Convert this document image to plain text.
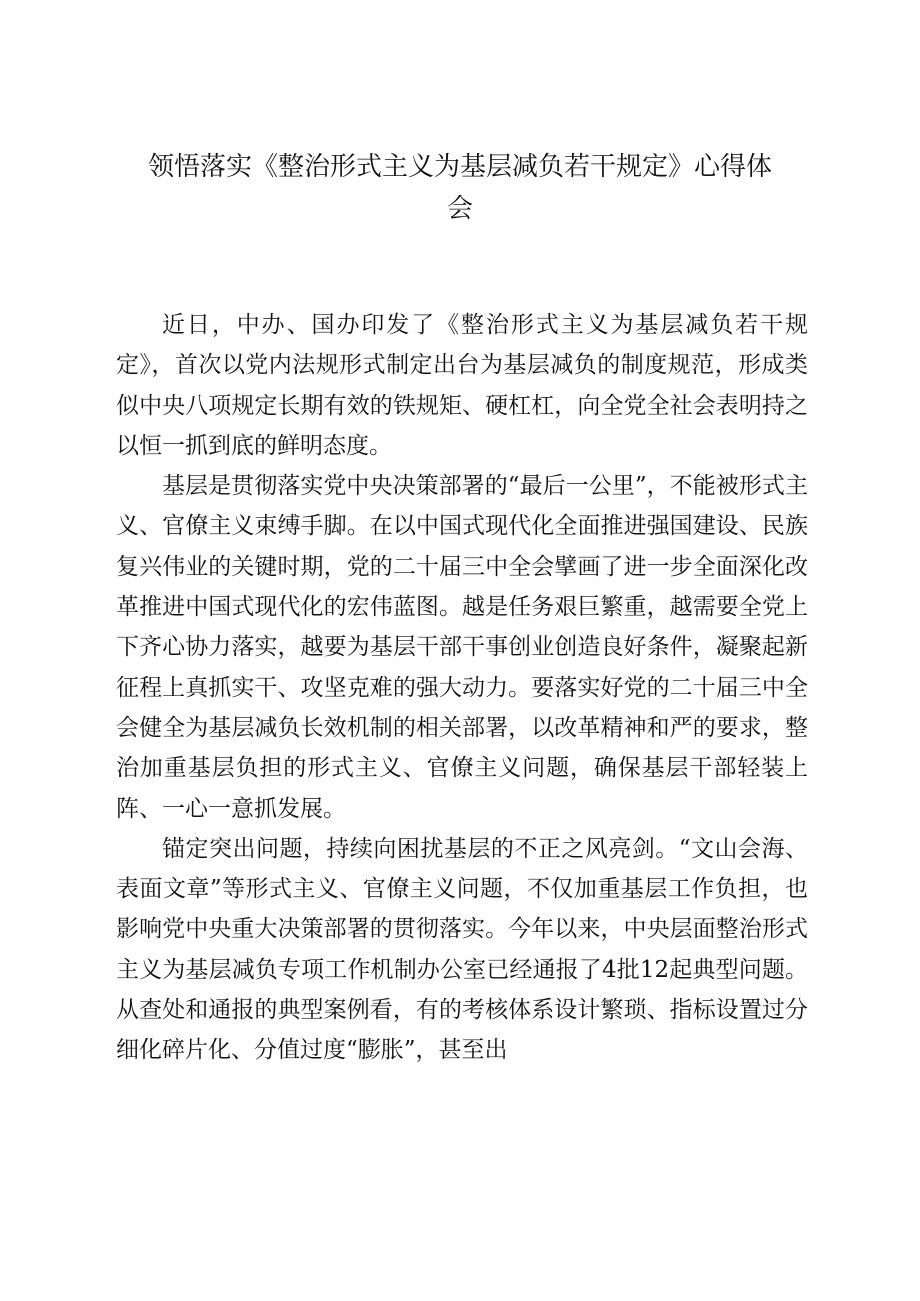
领悟落实《整治形式主义为基层减负若干规定》心得体会

近日，中办、国办印发了《整治形式主义为基层减负若干规定》，首次以党内法规形式制定出台为基层减负的制度规范，形成类似中央八项规定长期有效的铁规矩、硬杠杠，向全党全社会表明持之以恒一抓到底的鲜明态度。

基层是贯彻落实党中央决策部署的“最后一公里”，不能被形式主义、官僚主义束缚手脚。在以中国式现代化全面推进强国建设、民族复兴伟业的关键时期，党的二十届三中全会擘画了进一步全面深化改革推进中国式现代化的宏伟蓝图。越是任务艰巨繁重，越需要全党上下齐心协力落实，越要为基层干部干事创业创造良好条件，凝聚起新征程上真抓实干、攻坚克难的强大动力。要落实好党的二十届三中全会健全为基层减负长效机制的相关部署，以改革精神和严的要求，整治加重基层负担的形式主义、官僚主义问题，确保基层干部轻装上阵、一心一意抓发展。

锚定突出问题，持续向困扰基层的不正之风亮剑。“文山会海、表面文章”等形式主义、官僚主义问题，不仅加重基层工作负担，也影响党中央重大决策部署的贯彻落实。今年以来，中央层面整治形式主义为基层减负专项工作机制办公室已经通报了4批12起典型问题。从查处和通报的典型案例看，有的考核体系设计繁琐、指标设置过分细化碎片化、分值过度“膨胀”，甚至出
